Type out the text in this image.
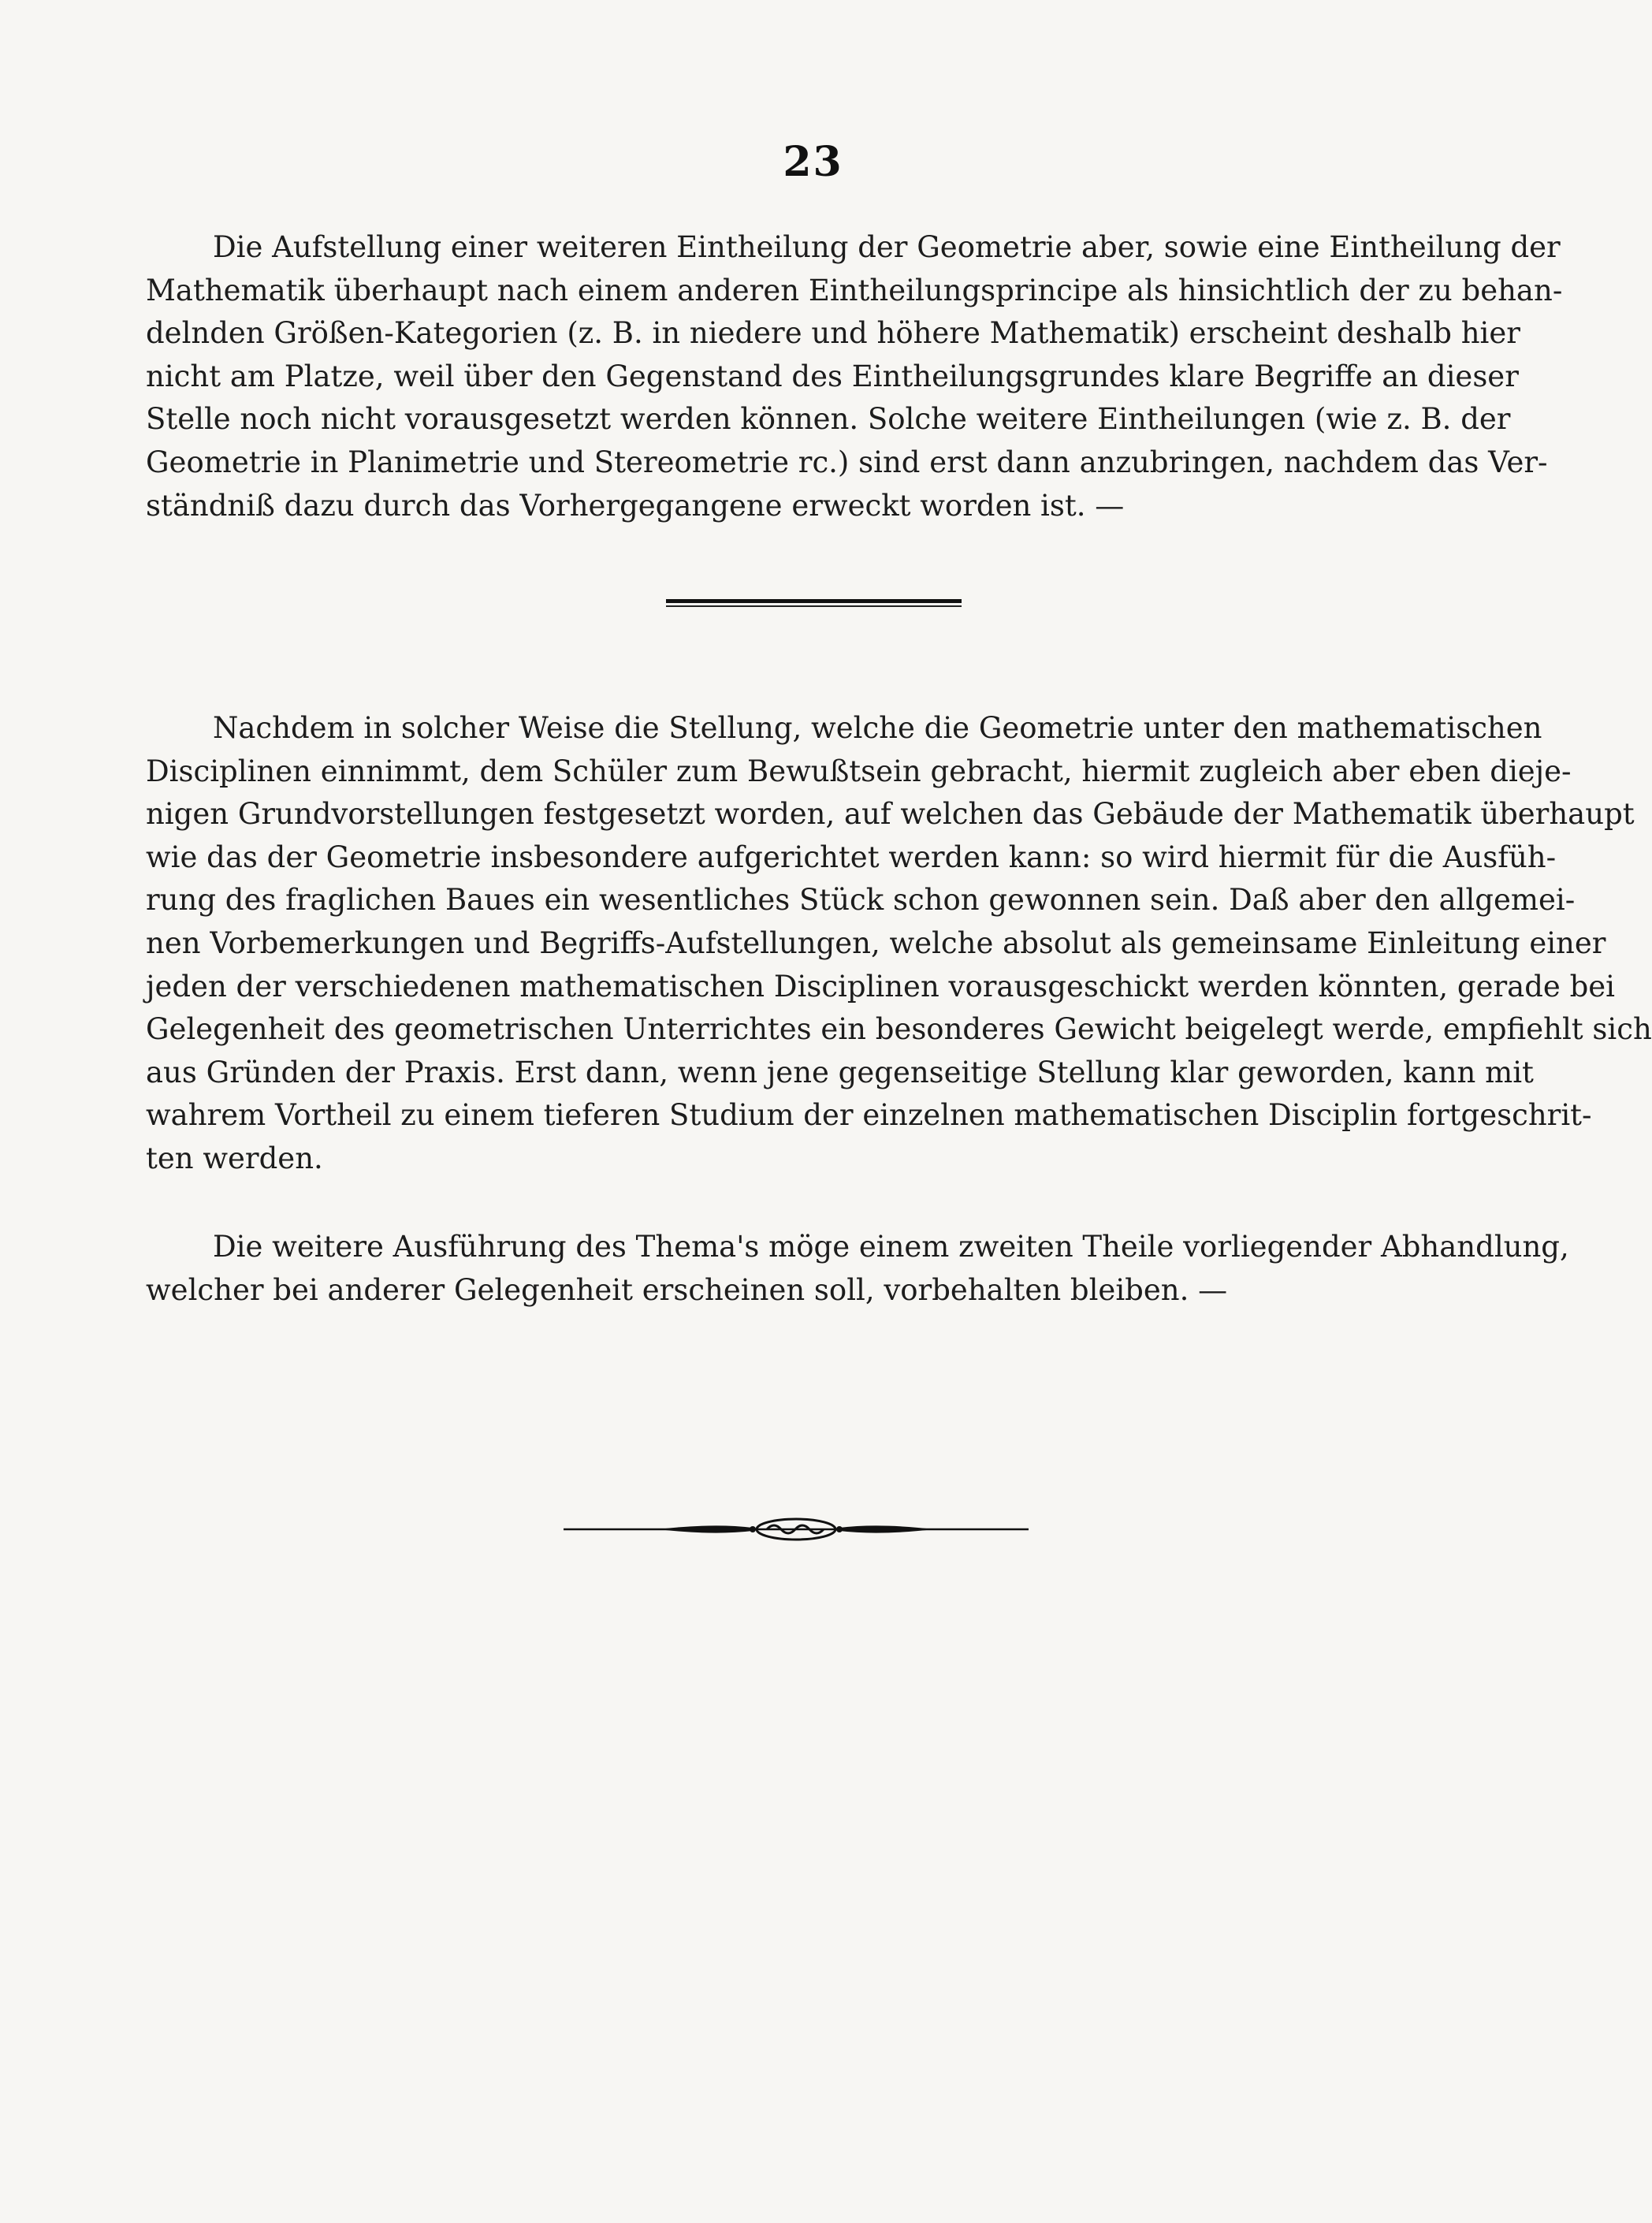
23
Die Aufstellung einer weiteren Eintheilung der Geometrie aber, sowie eine Eintheilung der
Mathematik überhaupt nach einem anderen Eintheilungsprincipe als hinsichtlich der zu behan-
delnden Größen-Kategorien (z. B. in niedere und höhere Mathematik) erscheint deshalb hier
nicht am Platze, weil über den Gegenstand des Eintheilungsgrundes klare Begriffe an dieser
Stelle noch nicht vorausgesetzt werden können. Solche weitere Eintheilungen (wie z. B. der
Geometrie in Planimetrie und Stereometrie rc.) sind erst dann anzubringen, nachdem das Ver-
ständniß dazu durch das Vorhergegangene erweckt worden ist. —
Nachdem in solcher Weise die Stellung, welche die Geometrie unter den mathematischen
Disciplinen einnimmt, dem Schüler zum Bewußtsein gebracht, hiermit zugleich aber eben dieje-
nigen Grundvorstellungen festgesetzt worden, auf welchen das Gebäude der Mathematik überhaupt
wie das der Geometrie insbesondere aufgerichtet werden kann: so wird hiermit für die Ausfüh-
rung des fraglichen Baues ein wesentliches Stück schon gewonnen sein. Daß aber den allgemei-
nen Vorbemerkungen und Begriffs-Aufstellungen, welche absolut als gemeinsame Einleitung einer
jeden der verschiedenen mathematischen Disciplinen vorausgeschickt werden könnten, gerade bei
Gelegenheit des geometrischen Unterrichtes ein besonderes Gewicht beigelegt werde, empfiehlt sich
aus Gründen der Praxis. Erst dann, wenn jene gegenseitige Stellung klar geworden, kann mit
wahrem Vortheil zu einem tieferen Studium der einzelnen mathematischen Disciplin fortgeschrit-
ten werden.
Die weitere Ausführung des Thema's möge einem zweiten Theile vorliegender Abhandlung,
welcher bei anderer Gelegenheit erscheinen soll, vorbehalten bleiben. —
